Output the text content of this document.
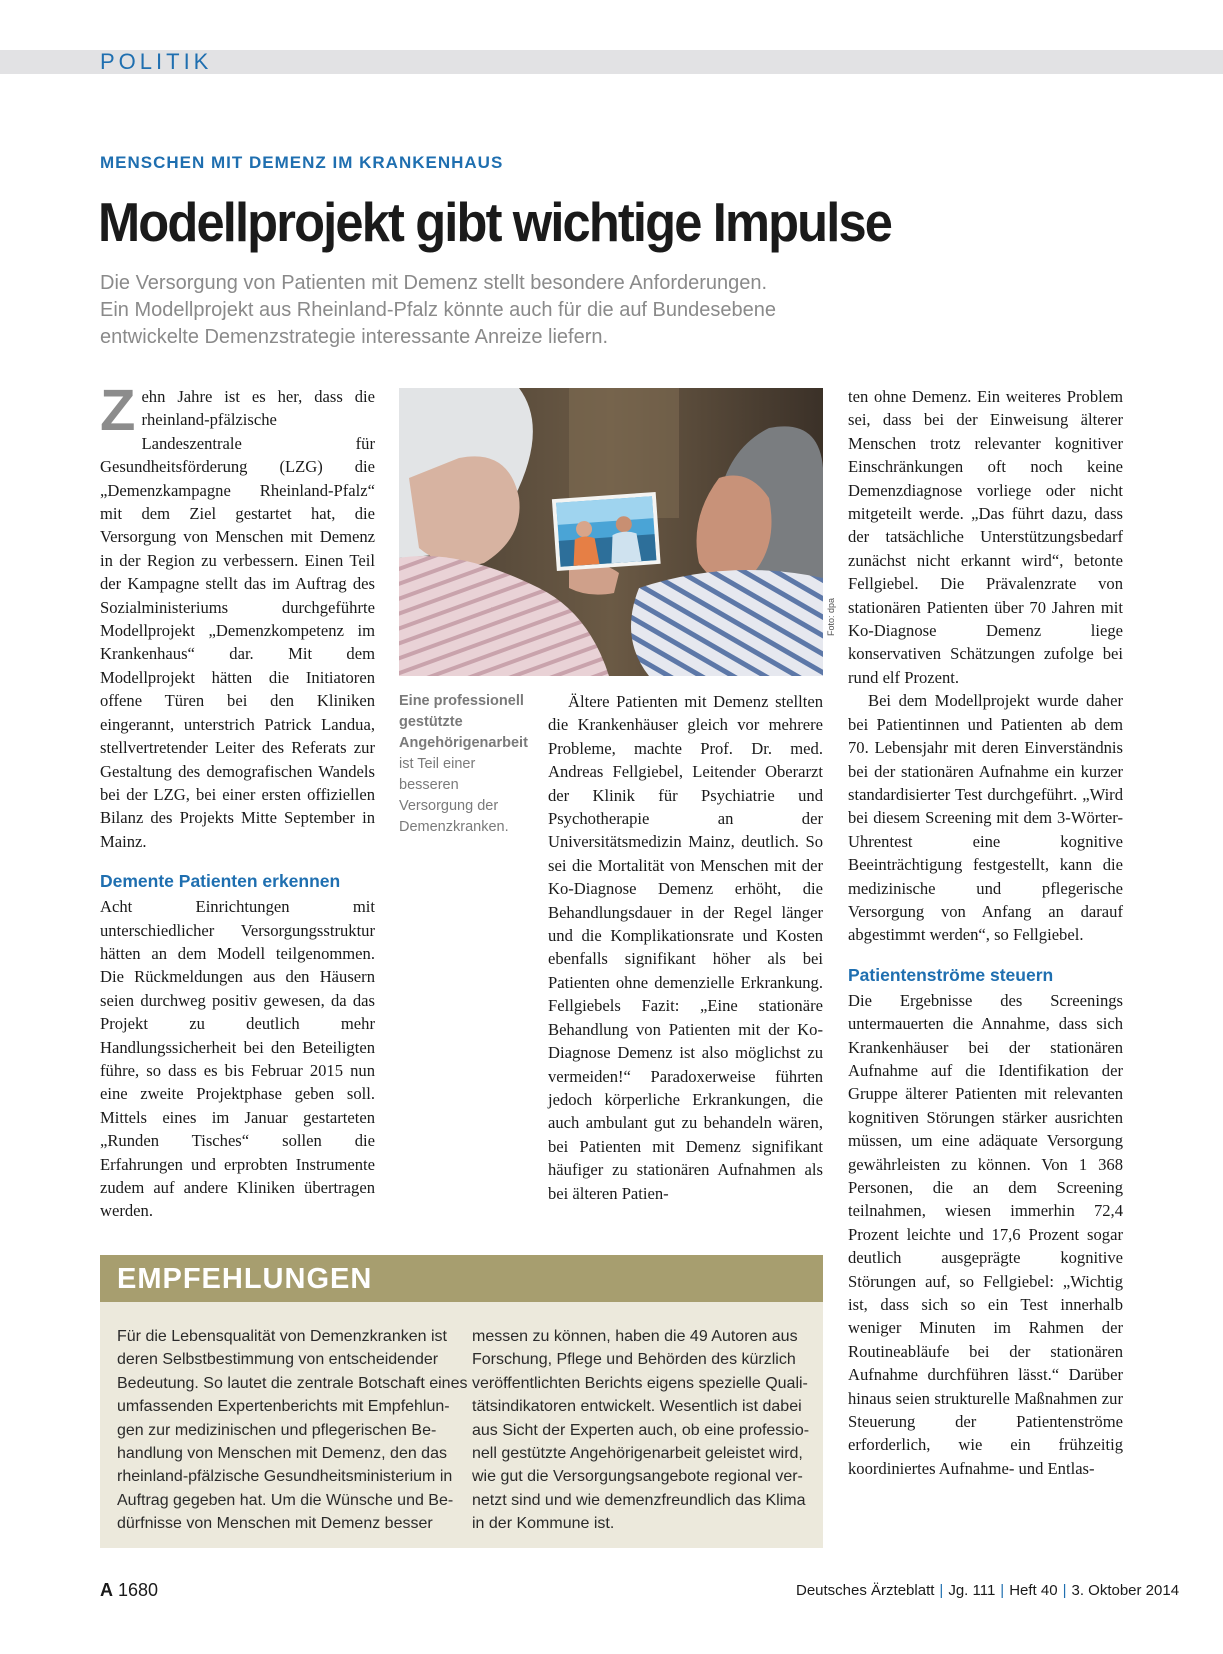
POLITIK
MENSCHEN MIT DEMENZ IM KRANKENHAUS
Modellprojekt gibt wichtige Impulse
Die Versorgung von Patienten mit Demenz stellt besondere Anforderungen.
Ein Modellprojekt aus Rheinland-Pfalz könnte auch für die auf Bundesebene
entwickelte Demenzstrategie interessante Anreize liefern.

Zehn Jahre ist es her, dass die rheinland-pfälzische Landeszentrale für Gesundheitsförderung (LZG) die „Demenzkampagne Rheinland-Pfalz“ mit dem Ziel gestartet hat, die Versorgung von Menschen mit Demenz in der Region zu verbessern. Einen Teil der Kampagne stellt das im Auftrag des Sozialministeriums durchgeführte Modellprojekt „Demenzkompetenz im Krankenhaus“ dar. Mit dem Modellprojekt hätten die Initiatoren offene Türen bei den Kliniken eingerannt, unterstrich Patrick Landua, stellvertretender Leiter des Referats zur Gestaltung des demografischen Wandels bei der LZG, bei einer ersten offiziellen Bilanz des Projekts Mitte September in Mainz.

Demente Patienten erkennen

Acht Einrichtungen mit unterschiedlicher Versorgungsstruktur hätten an dem Modell teilgenommen. Die Rückmeldungen aus den Häusern seien durchweg positiv gewesen, da das Projekt zu deutlich mehr Handlungssicherheit bei den Beteiligten führe, so dass es bis Februar 2015 nun eine zweite Projektphase geben soll. Mittels eines im Januar gestarteten „Runden Tisches“ sollen die Erfahrungen und erprobten Instrumente zudem auf andere Kliniken übertragen werden.

Foto: dpa
Eine professionell gestützte Angehörigenarbeit ist Teil einer besseren Versorgung der Demenzkranken.

Ältere Patienten mit Demenz stellten die Krankenhäuser gleich vor mehrere Probleme, machte Prof. Dr. med. Andreas Fellgiebel, Leitender Oberarzt der Klinik für Psychiatrie und Psychotherapie an der Universitätsmedizin Mainz, deutlich. So sei die Mortalität von Menschen mit der Ko-Diagnose Demenz erhöht, die Behandlungsdauer in der Regel länger und die Komplikationsrate und Kosten ebenfalls signifikant höher als bei Patienten ohne demenzielle Erkrankung. Fellgiebels Fazit: „Eine stationäre Behandlung von Patienten mit der Ko-Diagnose Demenz ist also möglichst zu vermeiden!“ Paradoxerweise führten jedoch körperliche Erkrankungen, die auch ambulant gut zu behandeln wären, bei Patienten mit Demenz signifikant häufiger zu stationären Aufnahmen als bei älteren Patien-

ten ohne Demenz. Ein weiteres Problem sei, dass bei der Einweisung älterer Menschen trotz relevanter kognitiver Einschränkungen oft noch keine Demenzdiagnose vorliege oder nicht mitgeteilt werde. „Das führt dazu, dass der tatsächliche Unterstützungsbedarf zunächst nicht erkannt wird“, betonte Fellgiebel. Die Prävalenzrate von stationären Patienten über 70 Jahren mit Ko-Diagnose Demenz liege konservativen Schätzungen zufolge bei rund elf Prozent.

Bei dem Modellprojekt wurde daher bei Patientinnen und Patienten ab dem 70. Lebensjahr mit deren Einverständnis bei der stationären Aufnahme ein kurzer standardisierter Test durchgeführt. „Wird bei diesem Screening mit dem 3-Wörter-Uhrentest eine kognitive Beeinträchtigung festgestellt, kann die medizinische und pflegerische Versorgung von Anfang an darauf abgestimmt werden“, so Fellgiebel.

Patientenströme steuern

Die Ergebnisse des Screenings untermauerten die Annahme, dass sich Krankenhäuser bei der stationären Aufnahme auf die Identifikation der Gruppe älterer Patienten mit relevanten kognitiven Störungen stärker ausrichten müssen, um eine adäquate Versorgung gewährleisten zu können. Von 1 368 Personen, die an dem Screening teilnahmen, wiesen immerhin 72,4 Prozent leichte und 17,6 Prozent sogar deutlich ausgeprägte kognitive Störungen auf, so Fellgiebel: „Wichtig ist, dass sich so ein Test innerhalb weniger Minuten im Rahmen der Routineabläufe bei der stationären Aufnahme durchführen lässt.“ Darüber hinaus seien strukturelle Maßnahmen zur Steuerung der Patientenströme erforderlich, wie ein frühzeitig koordiniertes Aufnahme- und Entlas-

EMPFEHLUNGEN
Für die Lebensqualität von Demenzkranken ist
deren Selbstbestimmung von entscheidender
Bedeutung. So lautet die zentrale Botschaft eines
umfassenden Expertenberichts mit Empfehlun-
gen zur medizinischen und pflegerischen Be-
handlung von Menschen mit Demenz, den das
rheinland-pfälzische Gesundheitsministerium in
Auftrag gegeben hat. Um die Wünsche und Be-
dürfnisse von Menschen mit Demenz besser
messen zu können, haben die 49 Autoren aus
Forschung, Pflege und Behörden des kürzlich
veröffentlichten Berichts eigens spezielle Quali-
tätsindikatoren entwickelt. Wesentlich ist dabei
aus Sicht der Experten auch, ob eine professio-
nell gestützte Angehörigenarbeit geleistet wird,
wie gut die Versorgungsangebote regional ver-
netzt sind und wie demenzfreundlich das Klima
in der Kommune ist.
A 1680	Deutsches Ärzteblatt | Jg. 111 | Heft 40 | 3. Oktober 2014
